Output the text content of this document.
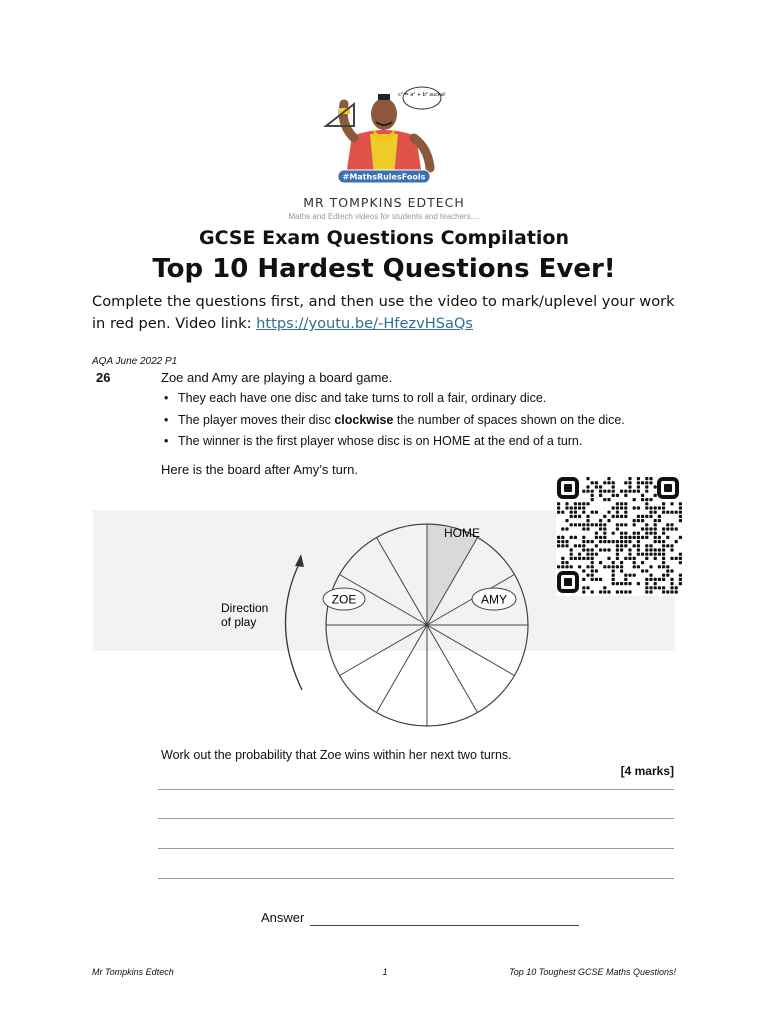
c² = a² + b² sucka!
#MathsRulesFools
MR TOMPKINS EDTECH
Maths and Edtech videos for students and teachers....
GCSE Exam Questions Compilation
Top 10 Hardest Questions Ever!
Complete the questions first, and then use the video to mark/uplevel your work in red pen. Video link: https://youtu.be/-HfezvHSaQs
AQA June 2022 P1
26	Zoe and Amy are playing a board game.
• They each have one disc and take turns to roll a fair, ordinary dice.
• The player moves their disc clockwise the number of spaces shown on the dice.
• The winner is the first player whose disc is on HOME at the end of a turn.
Here is the board after Amy’s turn.
HOME
ZOE	AMY
Direction
of play
Work out the probability that Zoe wins within her next two turns.
[4 marks]
Answer
Mr Tompkins Edtech	1	Top 10 Toughest GCSE Maths Questions!
